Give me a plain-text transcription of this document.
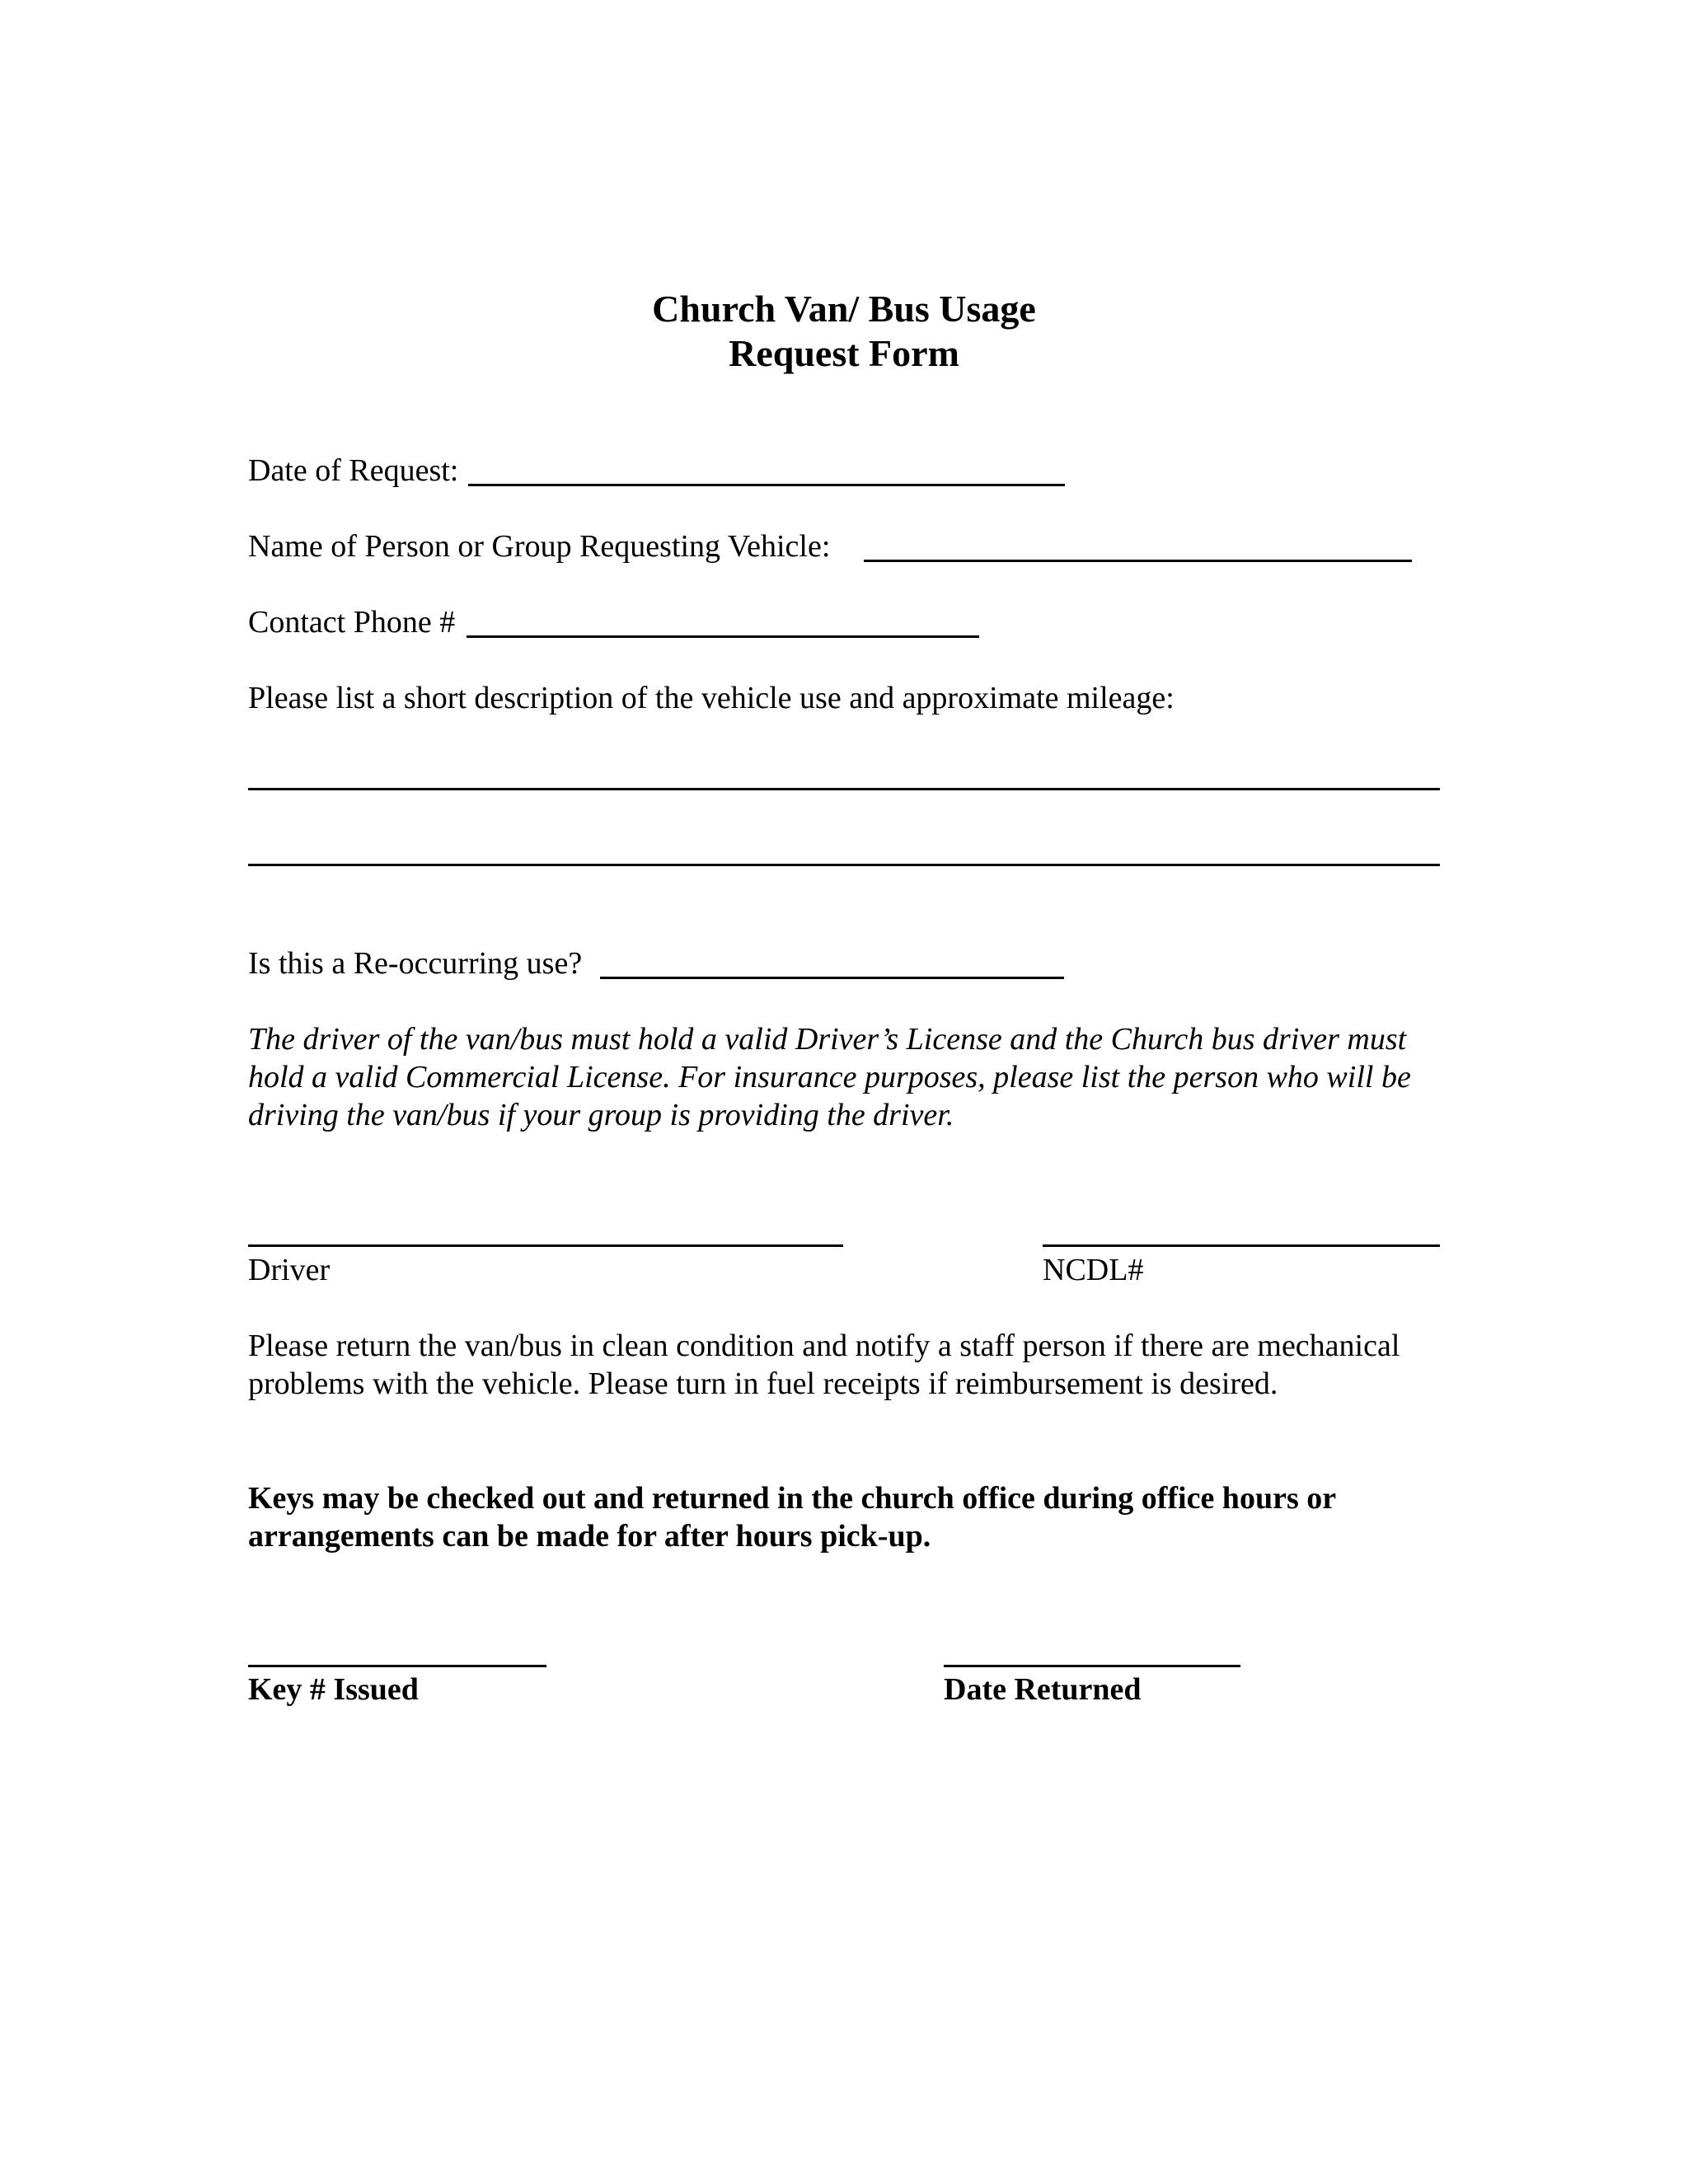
Church Van/ Bus Usage
Request Form
Date of Request:
Name of Person or Group Requesting Vehicle:
Contact Phone #
Please list a short description of the vehicle use and approximate mileage:
Is this a Re-occurring use?
The driver of the van/bus must hold a valid Driver’s License and the Church bus driver must hold a valid Commercial License. For insurance purposes, please list the person who will be driving the van/bus if your group is providing the driver.
Driver	NCDL#
Please return the van/bus in clean condition and notify a staff person if there are mechanical problems with the vehicle. Please turn in fuel receipts if reimbursement is desired.
Keys may be checked out and returned in the church office during office hours or arrangements can be made for after hours pick-up.
Key # Issued	Date Returned
